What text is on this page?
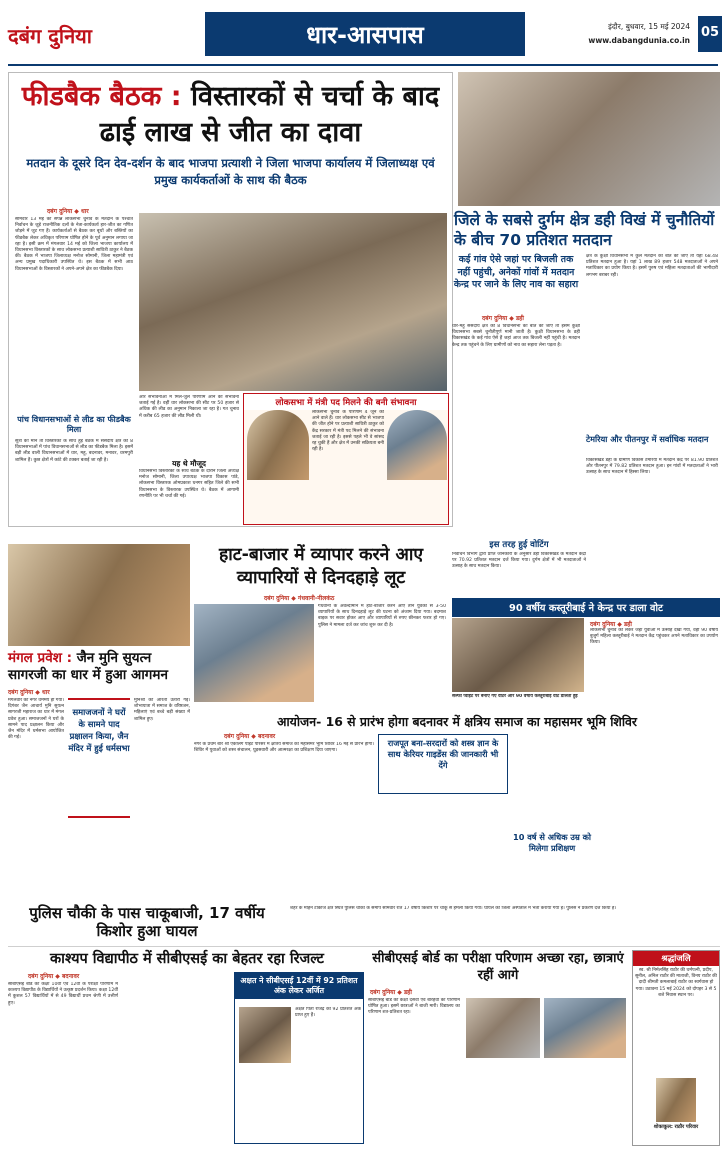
दबंग दुनिया	धार-आसपास	इंदौर, बुधवार, 15 मई 2024
www.dabangdunia.co.in
05
फीडबैक बैठक : विस्तारकों से चर्चा के बाद ढाई लाख से जीत का दावा
मतदान के दूसरे दिन देव-दर्शन के बाद भाजपा प्रत्याशी ने जिला भाजपा कार्यालय में जिलाध्यक्ष एवं प्रमुख कार्यकर्ताओं के साथ की बैठक
दबंग दुनिया ◆ धार
सोमवार 13 मई को संपन्न लोकसभा चुनाव के मतदान के पश्चात निर्वाचन के जुड़े राजनीतिक दलों के नेता-कार्यकर्ता हार-जीत का गणित जोड़ने में जुट गए हैं। कार्यकर्ताओं से बैठक कर बूथों और बस्तियों का फीडबैक लेकर अधिकृत परिणाम घोषित होने के पूर्व अनुमान लगाया जा रहा है। इसी क्रम में मंगलवार 14 मई को जिला भाजपा कार्यालय में विधानसभा विस्तारकों के साथ लोकसभा प्रत्याशी सावित्री ठाकुर ने बैठक की। बैठक में भाजपा जिलाध्यक्ष मनोज सोमानी, जिला महामंत्री एवं अन्य प्रमुख पदाधिकारी उपस्थित थे। इस बैठक में सभी आठ विधानसभाओं के विस्तारकों ने अपने-अपने क्षेत्र का फीडबैक दिया।
पांच विधानसभाओं से लीड का फीडबैक मिला
सूत्रों की माने तो विस्तारकों के साथ हुई बैठक में संसदीय क्षेत्र की 8 विधानसभाओं में पांच विधानसभाओं से लीड का फीडबैक मिला है। इसमें बड़ी लीड वाली विधानसभाओं में धार, महू, बदनावर, मनावर, धरमपुरी शामिल हैं। कुछ क्षेत्रों में कांटे की टक्कर बताई जा रही है।
और संभावनाओं में मिले-जुले परिणाम आने की संभावना जताई गई है। वहीं धार लोकसभा की सीट पर 50 हजार से अधिक की लीड का अनुमान निकाला जा रहा है। गत चुनाव में करीब 65 हजार की लीड मिली थी।
यह थे मौजूद
विधानसभा विस्तारकों के साथ बैठक के दौरान जिला अध्यक्ष मनोज सोमानी, जिला उपाध्यक्ष भाजपा विकास पांडे, लोकसभा विस्तारक ओमप्रकाश धनगर सहित जिले की सभी विधानसभा के विस्तारक उपस्थित थे। बैठक में आगामी रणनीति पर भी चर्चा की गई।
लोकसभा में मंत्री पद मिलने की बनी संभावना
लोकसभा चुनाव के परिणाम 4 जून को आने वाले हैं। धार लोकसभा सीट से भाजपा की जीत होने पर प्रत्याशी सावित्री ठाकुर को केंद्र सरकार में मंत्री पद मिलने की संभावना जताई जा रही है। इससे पहले भी वे सांसद रह चुकी हैं और क्षेत्र में उनकी सक्रियता बनी रही है।
जिले के सबसे दुर्गम क्षेत्र डही विखं में चुनौतियों के बीच 70 प्रतिशत मतदान
कई गांव ऐसे जहां पर बिजली तक नहीं पहुंची, अनेकों गांवों में मतदान केन्द्र पर जाने के लिए नाव का सहारा
दबंग दुनिया ◆ डही
धार-महू संसदीय क्षेत्र की 8 विधानसभा की बात की जाए तो इसमें कुक्षी विधानसभा सबसे चुनौतीपूर्ण मानी जाती है। कुक्षी विधानसभा के डही विकासखंड के कई गांव ऐसे हैं जहां आज तक बिजली नहीं पहुंची है। मतदान केन्द्र तक पहुंचने के लिए ग्रामीणों को नाव का सहारा लेना पड़ता है।
क्षेत्र के कुक्षी विधानसभा में कुल मतदान की बात की जाए तो यहां 68.48 प्रतिशत मतदान हुआ है। यहां 1 लाख 89 हजार 548 मतदाताओं ने अपने मताधिकार का प्रयोग किया है। इसमें पुरुष एवं महिला मतदाताओं की भागीदारी लगभग बराबर रही।
टेमरिया और पीतनपुर में सर्वाधिक मतदान
विकासखंड डही के ग्रामीण विकास टेमरिया में मतदान केंद्र पर 81.90 प्रतिशत और पीतनपुर में 79.82 प्रतिशत मतदान हुआ। इन गांवों में मतदाताओं ने भारी उत्साह के साथ मतदान में हिस्सा लिया।
इस तरह हुई वोटिंग
निर्वाचन विभाग द्वारा प्राप्त जानकारी के अनुसार डही विकासखंड के मतदान केंद्रों पर 70.92 प्रतिशत मतदान दर्ज किया गया। दुर्गम क्षेत्रों में भी मतदाताओं ने उत्साह के साथ मतदान किया।
90 वर्षीय कस्तूरीबाई ने केन्द्र पर डाला वोट
दबंग दुनिया ◆ डही
लोकसभा चुनाव को लेकर जहां युवाओं में उत्साह देखा गया, वहीं 90 वर्षीय बुजुर्ग महिला कस्तूरीबाई ने मतदान केंद्र पहुंचकर अपने मताधिकार का उपयोग किया।
सेल्फी प्वाइंट पर बनाए गए वोटर और 90 वर्षीय कस्तूरीबाई वोट डालती हुईं
मंगल प्रवेश : जैन मुनि सुयत्न सागरजी का धार में हुआ आगमन
दबंग दुनिया ◆ धार
मंगलवार को नगर धर्ममय हो गया। दिगंबर जैन आचार्य मुनि सुयत्न सागरजी महाराज का धार में मंगल प्रवेश हुआ। समाजजनों ने घरों के सामने पाद प्रक्षालन किया और जैन मंदिर में धर्मसभा आयोजित की गई।
समाजजनों ने घरों के सामने पाद प्रक्षालन किया, जैन मंदिर में हुई धर्मसभा
मुनिश्री की आरती उतारी गई। शोभायात्रा में समाज के वरिष्ठजन, महिलाएं एवं बच्चे बड़ी संख्या में शामिल हुए।
हाट-बाजार में व्यापार करने आए व्यापारियों से दिनदहाड़े लूट
दबंग दुनिया ◆ गंधवानी-नीलकंठ
गंधवानी के अवल्दामान में हाट-बाजार करने आए तीन युवकों से 3-50 व्यापारियों के साथ दिनदहाड़े लूट की घटना को अंजाम दिया गया। बदमाश बाइक पर सवार होकर आए और व्यापारियों से रुपए छीनकर फरार हो गए। पुलिस ने मामला दर्ज कर जांच शुरू कर दी है।
आयोजन- 16 से प्रारंभ होगा बदनावर में क्षत्रिय समाज का महासमर भूमि शिविर
दबंग दुनिया ◆ बदनावर
नगर के प्रथम बार श्री एकलिंग पॉइंट परिसर में क्षत्रिय समाज का महासमर भूमि शिविर 16 मई से प्रारंभ होगा। शिविर में युवाओं को शस्त्र संचालन, घुड़सवारी और आत्मरक्षा का प्रशिक्षण दिया जाएगा।
राजपूत बना-सरदारों को शस्त्र ज्ञान के साथ केरियर गाइडेंस की जानकारी भी देंगे
10 वर्ष से अधिक उम्र को मिलेगा प्रशिक्षण
पुलिस चौकी के पास चाकूबाजी, 17 वर्षीय किशोर हुआ घायल
शहर के मोहन टॉकीज क्षेत्र स्थित पुलिस चौकी के समीप सोमवार रात 17 वर्षीय किशोर पर चाकू से हमला किया गया। घायल को जिला अस्पताल में भर्ती कराया गया है। पुलिस ने प्रकरण दर्ज किया है।
काश्यप विद्यापीठ में सीबीएसई का बेहतर रहा रिजल्ट
दबंग दुनिया ◆ बदनावर
सीबीएसई बोर्ड की कक्षा 10वीं एवं 12वीं के परीक्षा परिणाम में काश्यप विद्यापीठ के विद्यार्थियों ने उत्कृष्ट प्रदर्शन किया। कक्षा 12वीं में कुशल 57 विद्यार्थियों में से 49 विद्यार्थी प्रथम श्रेणी में उत्तीर्ण हुए।
अक्षत ने सीबीएसई 12वीं में 92 प्रतिशत अंक लेकर अर्जित
अक्षत पिता राजेंद्र को 92 प्रतिशत अंक प्राप्त हुए हैं।
सीबीएसई बोर्ड का परीक्षा परिणाम अच्छा रहा, छात्राएं रहीं आगे
दबंग दुनिया ◆ डही
सीबीएसई बोर्ड की कक्षा दसवीं एवं बारहवीं का परिणाम घोषित हुआ। इसमें छात्राओं ने बाजी मारी। विद्यालय का परिणाम शत-प्रतिशत रहा।
श्रद्धांजलि
स्व. श्री निर्मलसिंह राठौर की धर्मपत्नी, प्रदीप, सुनील, अनिल राठौर की माताजी, विनय राठौर की दादी श्रीमती कमलाबाई राठौर का स्वर्गवास हो गया। उठावना 15 मई 2024 को दोपहर 3 से 5 बजे निवास स्थान पर।
शोकाकुल: राठौर परिवार
